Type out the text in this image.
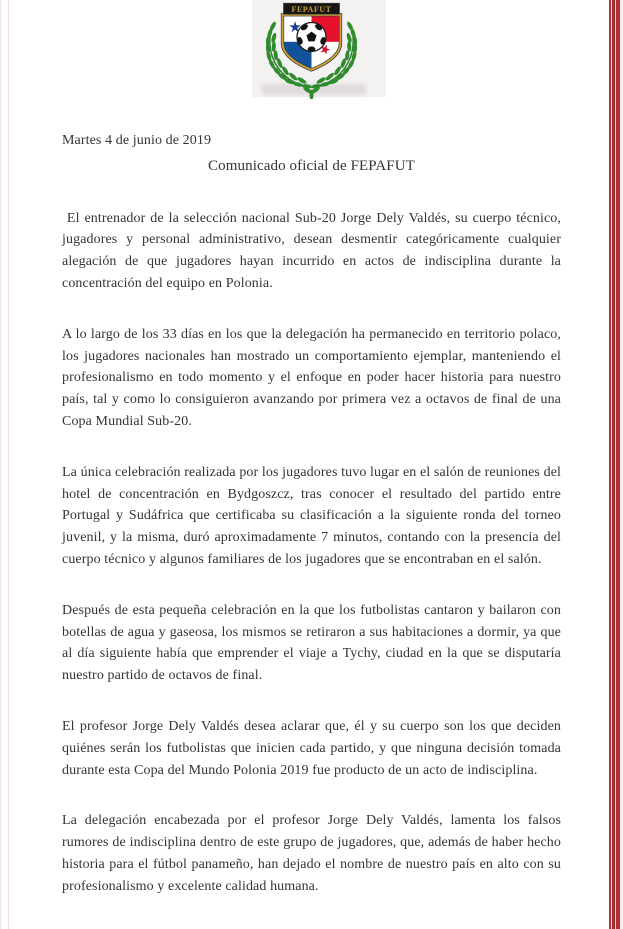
FEPAFUT
Martes 4 de junio de 2019
Comunicado oficial de FEPAFUT

El entrenador de la selección nacional Sub-20 Jorge Dely Valdés, su cuerpo técnico, jugadores y personal administrativo, desean desmentir categóricamente cualquier alegación de que jugadores hayan incurrido en actos de indisciplina durante la concentración del equipo en Polonia.

A lo largo de los 33 días en los que la delegación ha permanecido en territorio polaco, los jugadores nacionales han mostrado un comportamiento ejemplar, manteniendo el profesionalismo en todo momento y el enfoque en poder hacer historia para nuestro país, tal y como lo consiguieron avanzando por primera vez a octavos de final de una Copa Mundial Sub-20.

La única celebración realizada por los jugadores tuvo lugar en el salón de reuniones del hotel de concentración en Bydgoszcz, tras conocer el resultado del partido entre Portugal y Sudáfrica que certificaba su clasificación a la siguiente ronda del torneo juvenil, y la misma, duró aproximadamente 7 minutos, contando con la presencia del cuerpo técnico y algunos familiares de los jugadores que se encontraban en el salón.

Después de esta pequeña celebración en la que los futbolistas cantaron y bailaron con botellas de agua y gaseosa, los mismos se retiraron a sus habitaciones a dormir, ya que al día siguiente había que emprender el viaje a Tychy, ciudad en la que se disputaría nuestro partido de octavos de final.

El profesor Jorge Dely Valdés desea aclarar que, él y su cuerpo son los que deciden quiénes serán los futbolistas que inicien cada partido, y que ninguna decisión tomada durante esta Copa del Mundo Polonia 2019 fue producto de un acto de indisciplina.

La delegación encabezada por el profesor Jorge Dely Valdés, lamenta los falsos rumores de indisciplina dentro de este grupo de jugadores, que, además de haber hecho historia para el fútbol panameño, han dejado el nombre de nuestro país en alto con su profesionalismo y excelente calidad humana.
